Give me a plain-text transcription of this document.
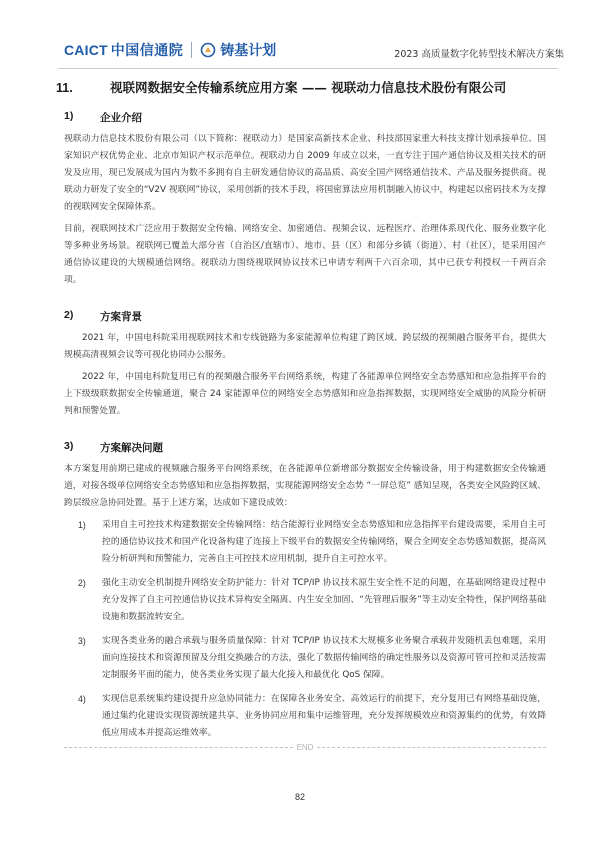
CAICT 中国信通院	铸基计划	2023 高质量数字化转型技术解决方案集
11.	视联网数据安全传输系统应用方案 —— 视联动力信息技术股份有限公司
1)	企业介绍

视联动力信息技术股份有限公司（以下简称：视联动力）是国家高新技术企业、科技部国家重大科技支撑计划承接单位、国家知识产权优势企业、北京市知识产权示范单位。视联动力自 2009 年成立以来，一直专注于国产通信协议及相关技术的研发及应用，现已发展成为国内为数不多拥有自主研发通信协议的高品质、高安全国产网络通信技术、产品及服务提供商。视联动力研发了安全的“V2V 视联网”协议，采用创新的技术手段，将国密算法应用机制融入协议中，构建起以密码技术为支撑的视联网安全保障体系。

目前，视联网技术广泛应用于数据安全传输、网络安全、加密通信、视频会议、远程医疗、治理体系现代化、服务业数字化等多种业务场景。视联网已覆盖大部分省（自治区/直辖市）、地市、县（区）和部分乡镇（街道）、村（社区），是采用国产通信协议建设的大规模通信网络。视联动力围绕视联网协议技术已申请专利两千六百余项，其中已获专利授权一千两百余项。

2)	方案背景

2021 年，中国电科院采用视联网技术和专线链路为多家能源单位构建了跨区域、跨层级的视频融合服务平台，提供大规模高清视频会议等可视化协同办公服务。

2022 年，中国电科院复用已有的视频融合服务平台网络系统，构建了各能源单位网络安全态势感知和应急指挥平台的上下级级联数据安全传输通道，聚合 24 家能源单位的网络安全态势感知和应急指挥数据，实现网络安全威胁的风险分析研判和预警处置。

3)	方案解决问题

本方案复用前期已建成的视频融合服务平台网络系统，在各能源单位新增部分数据安全传输设备，用于构建数据安全传输通道，对接各级单位网络安全态势感知和应急指挥数据，实现能源网络安全态势 “一屏总览” 感知呈现，各类安全风险跨区域、跨层级应急协同处置。基于上述方案，达成如下建设成效：

1)	采用自主可控技术构建数据安全传输网络：结合能源行业网络安全态势感知和应急指挥平台建设需要，采用自主可控的通信协议技术和国产化设备构建了连接上下级平台的数据安全传输网络，聚合全网安全态势感知数据，提高风险分析研判和预警能力，完善自主可控技术应用机制，提升自主可控水平。
2)	强化主动安全机制提升网络安全防护能力：针对 TCP/IP 协议技术原生安全性不足的问题，在基础网络建设过程中充分发挥了自主可控通信协议技术异构安全隔离、内生安全加固、“先管理后服务”等主动安全特性，保护网络基础设施和数据流转安全。
3)	实现各类业务的融合承载与服务质量保障：针对 TCP/IP 协议技术大规模多业务聚合承载并发随机丢包难题，采用面向连接技术和资源预留及分组交换融合的方法，强化了数据传输网络的确定性服务以及资源可管可控和灵活按需定制服务平面的能力，使各类业务实现了最大化接入和最优化 QoS 保障。
4)	实现信息系统集约建设提升应急协同能力：在保障各业务安全、高效运行的前提下，充分复用已有网络基础设施，通过集约化建设实现资源统建共享、业务协同应用和集中运维管理，充分发挥规模效应和资源集约的优势，有效降低应用成本并提高运维效率。
END
82
